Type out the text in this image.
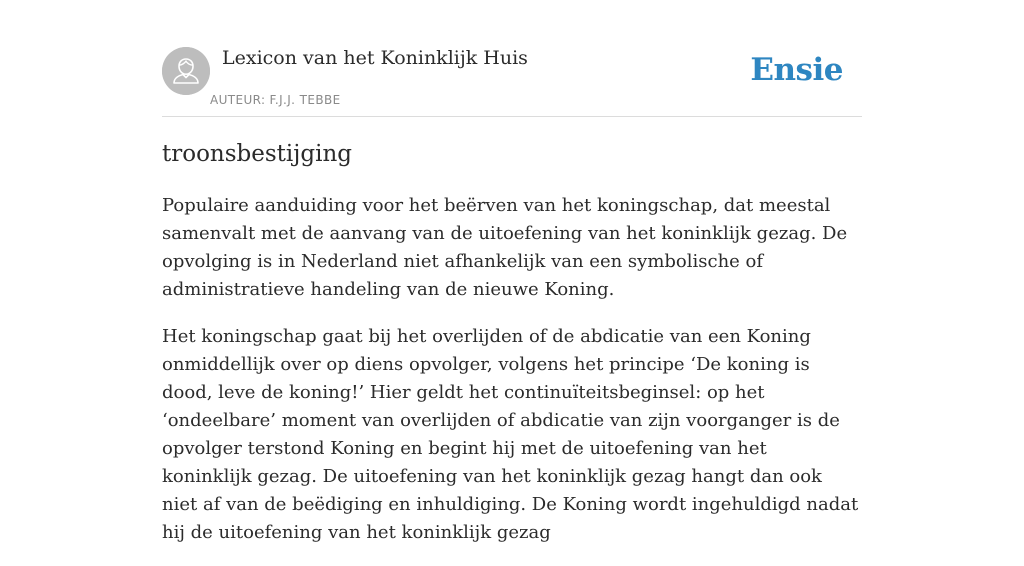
Lexicon van het Koninklijk Huis
AUTEUR: F.J.J. TEBBE
Ensie
troonsbestijging

Populaire aanduiding voor het beërven van het koningschap, dat meestal samenvalt met de aanvang van de uitoefening van het koninklijk gezag. De opvolging is in Nederland niet afhankelijk van een symbolische of administratieve handeling van de nieuwe Koning.

Het koningschap gaat bij het overlijden of de abdicatie van een Koning onmiddellijk over op diens opvolger, volgens het principe ‘De koning is dood, leve de koning!’ Hier geldt het continuïteitsbeginsel: op het ‘ondeelbare’ moment van overlijden of abdicatie van zijn voorganger is de opvolger terstond Koning en begint hij met de uitoefening van het koninklijk gezag. De uitoefening van het koninklijk gezag hangt dan ook niet af van de beëdiging en inhuldiging. De Koning wordt ingehuldigd nadat hij de uitoefening van het koninklijk gezag
